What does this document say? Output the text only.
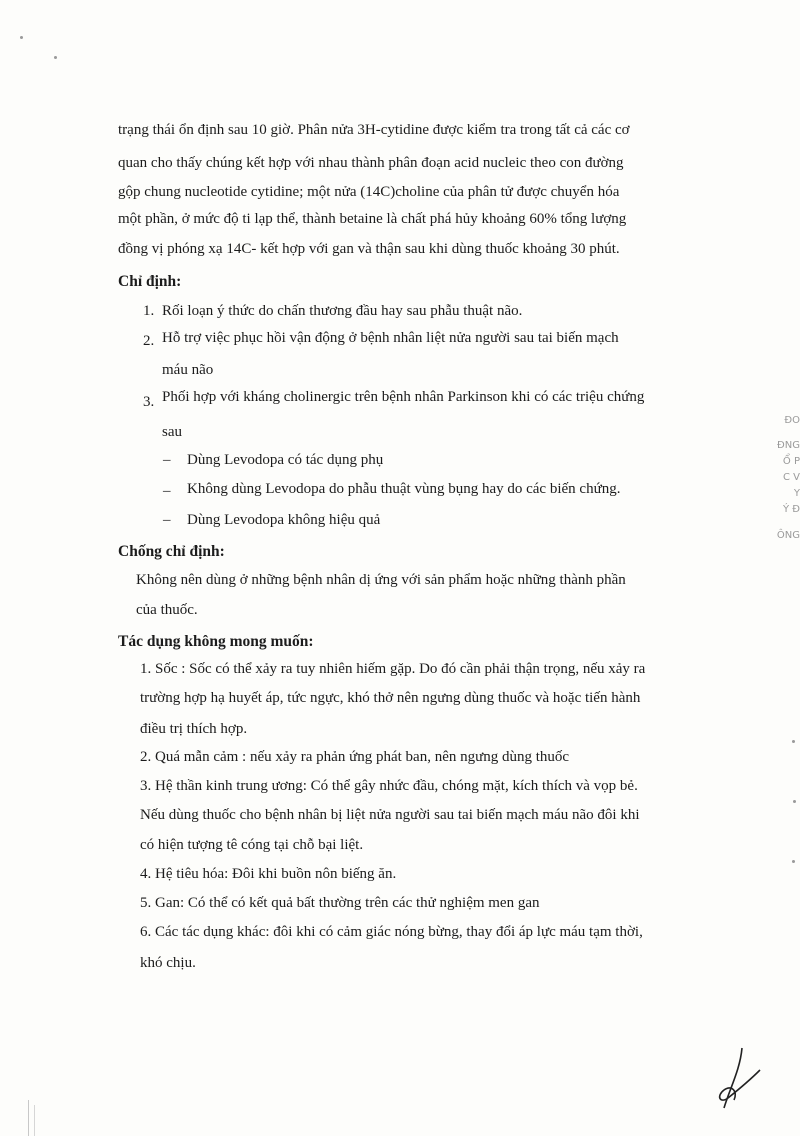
trạng thái ổn định sau 10 giờ. Phân nửa 3H-cytidine được kiểm tra trong tất cả các cơ
quan cho thấy chúng kết hợp với nhau thành phân đoạn acid nucleic theo con đường
gộp chung nucleotide cytidine; một nửa (14C)choline của phân tử được chuyển hóa
một phần, ở mức độ ti lạp thể, thành betaine là chất phá hủy khoảng 60% tổng lượng
đồng vị phóng xạ 14C- kết hợp với gan và thận sau khi dùng thuốc khoảng 30 phút.
Chỉ định:
1. Rối loạn ý thức do chấn thương đầu hay sau phẫu thuật não.
2. Hỗ trợ việc phục hồi vận động ở bệnh nhân liệt nửa người sau tai biến mạch
máu não
3. Phối hợp với kháng cholinergic trên bệnh nhân Parkinson khi có các triệu chứng
sau
– Dùng Levodopa có tác dụng phụ
– Không dùng Levodopa do phẫu thuật vùng bụng hay do các biến chứng.
– Dùng Levodopa không hiệu quả
Chống chỉ định:
Không nên dùng ở những bệnh nhân dị ứng với sản phẩm hoặc những thành phần
của thuốc.
Tác dụng không mong muốn:
1. Sốc : Sốc có thể xảy ra tuy nhiên hiếm gặp. Do đó cần phải thận trọng, nếu xảy ra
trường hợp hạ huyết áp, tức ngực, khó thở nên ngưng dùng thuốc và hoặc tiến hành
điều trị thích hợp.
2. Quá mẫn cảm : nếu xảy ra phản ứng phát ban, nên ngưng dùng thuốc
3. Hệ thần kinh trung ương: Có thể gây nhức đầu, chóng mặt, kích thích và vọp bẻ.
Nếu dùng thuốc cho bệnh nhân bị liệt nửa người sau tai biến mạch máu não đôi khi
có hiện tượng tê cóng tại chỗ bại liệt.
4. Hệ tiêu hóa: Đôi khi buồn nôn biếng ăn.
5. Gan: Có thể có kết quả bất thường trên các thử nghiệm men gan
6. Các tác dụng khác: đôi khi có cảm giác nóng bừng, thay đổi áp lực máu tạm thời,
khó chịu.
ĐO
ĐNG
Ổ P
C V
Y
Ý Đ
ÔNG
